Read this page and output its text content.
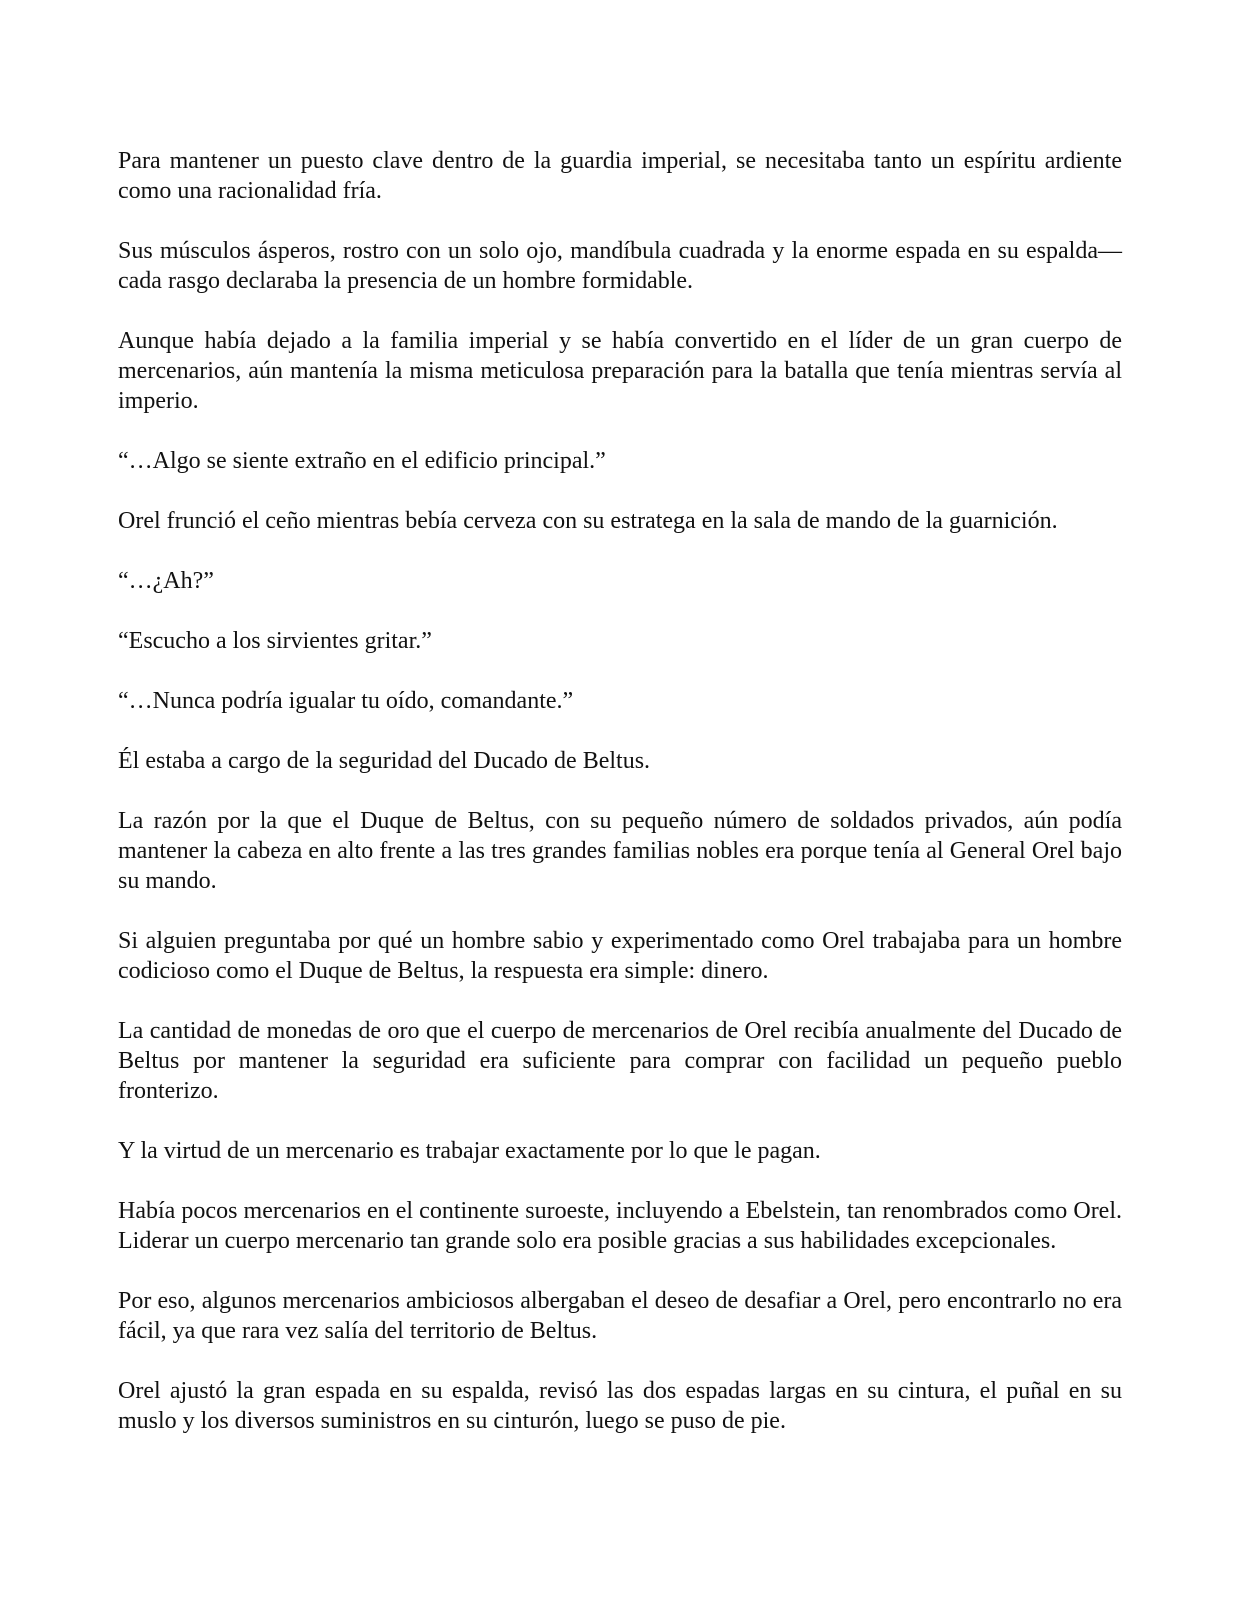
Para mantener un puesto clave dentro de la guardia imperial, se necesitaba tanto un espíritu ardiente como una racionalidad fría.

Sus músculos ásperos, rostro con un solo ojo, mandíbula cuadrada y la enorme espada en su espalda—cada rasgo declaraba la presencia de un hombre formidable.

Aunque había dejado a la familia imperial y se había convertido en el líder de un gran cuerpo de mercenarios, aún mantenía la misma meticulosa preparación para la batalla que tenía mientras servía al imperio.

“…Algo se siente extraño en el edificio principal.”

Orel frunció el ceño mientras bebía cerveza con su estratega en la sala de mando de la guarnición.

“…¿Ah?”

“Escucho a los sirvientes gritar.”

“…Nunca podría igualar tu oído, comandante.”

Él estaba a cargo de la seguridad del Ducado de Beltus.

La razón por la que el Duque de Beltus, con su pequeño número de soldados privados, aún podía mantener la cabeza en alto frente a las tres grandes familias nobles era porque tenía al General Orel bajo su mando.

Si alguien preguntaba por qué un hombre sabio y experimentado como Orel trabajaba para un hombre codicioso como el Duque de Beltus, la respuesta era simple: dinero.

La cantidad de monedas de oro que el cuerpo de mercenarios de Orel recibía anualmente del Ducado de Beltus por mantener la seguridad era suficiente para comprar con facilidad un pequeño pueblo fronterizo.

Y la virtud de un mercenario es trabajar exactamente por lo que le pagan.

Había pocos mercenarios en el continente suroeste, incluyendo a Ebelstein, tan renombrados como Orel. Liderar un cuerpo mercenario tan grande solo era posible gracias a sus habilidades excepcionales.

Por eso, algunos mercenarios ambiciosos albergaban el deseo de desafiar a Orel, pero encontrarlo no era fácil, ya que rara vez salía del territorio de Beltus.

Orel ajustó la gran espada en su espalda, revisó las dos espadas largas en su cintura, el puñal en su muslo y los diversos suministros en su cinturón, luego se puso de pie.
